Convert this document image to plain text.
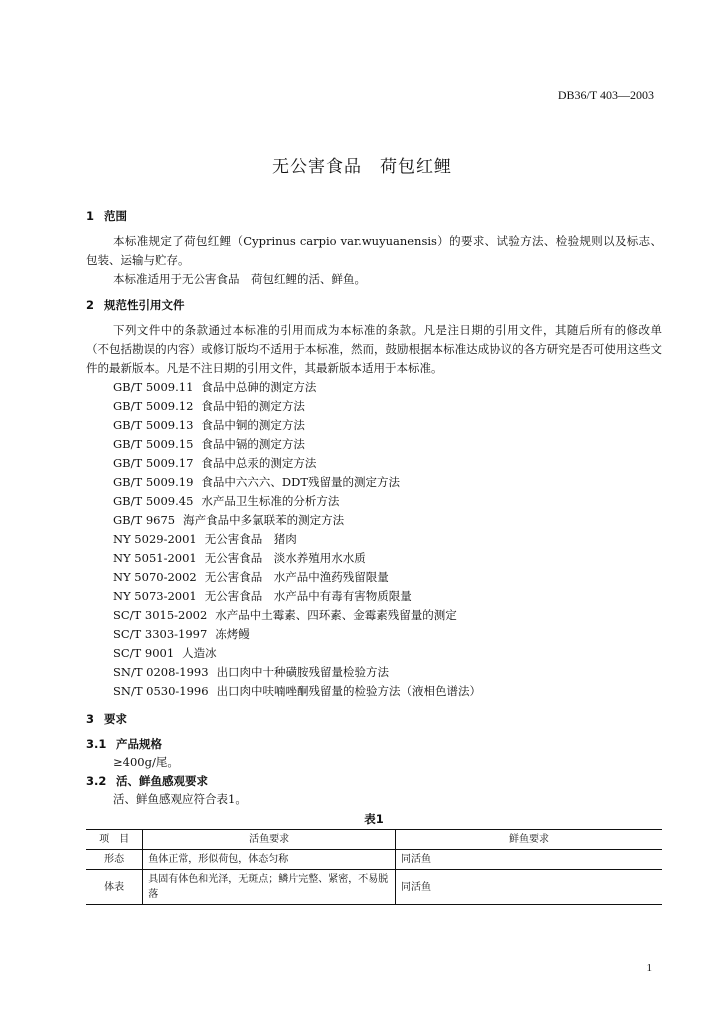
DB36/T 403—2003
无公害食品　荷包红鲤
1 范围

本标准规定了荷包红鲤（Cyprinus carpio var.wuyuanensis）的要求、试验方法、检验规则以及标志、包装、运输与贮存。

本标准适用于无公害食品　荷包红鲤的活、鲜鱼。

2 规范性引用文件

下列文件中的条款通过本标准的引用而成为本标准的条款。凡是注日期的引用文件，其随后所有的修改单（不包括勘误的内容）或修订版均不适用于本标准，然而，鼓励根据本标准达成协议的各方研究是否可使用这些文件的最新版本。凡是不注日期的引用文件，其最新版本适用于本标准。

GB/T 5009.11 食品中总砷的测定方法
GB/T 5009.12 食品中铅的测定方法
GB/T 5009.13 食品中铜的测定方法
GB/T 5009.15 食品中镉的测定方法
GB/T 5009.17 食品中总汞的测定方法
GB/T 5009.19 食品中六六六、DDT残留量的测定方法
GB/T 5009.45 水产品卫生标准的分析方法
GB/T 9675 海产食品中多氯联苯的测定方法
NY 5029-2001 无公害食品　猪肉
NY 5051-2001 无公害食品　淡水养殖用水水质
NY 5070-2002 无公害食品　水产品中渔药残留限量
NY 5073-2001 无公害食品　水产品中有毒有害物质限量
SC/T 3015-2002 水产品中土霉素、四环素、金霉素残留量的测定
SC/T 3303-1997 冻烤鳗
SC/T 9001 人造冰
SN/T 0208-1993 出口肉中十种磺胺残留量检验方法
SN/T 0530-1996 出口肉中呋喃唑酮残留量的检验方法（液相色谱法）
3 要求
3.1 产品规格

≥400g/尾。

3.2 活、鲜鱼感观要求

活、鲜鱼感观应符合表1。

表1
项　目	活鱼要求	鲜鱼要求
形态	鱼体正常，形似荷包，体态匀称	同活鱼
体表	具固有体色和光泽，无斑点；鳞片完整、紧密，不易脱落	同活鱼
1
